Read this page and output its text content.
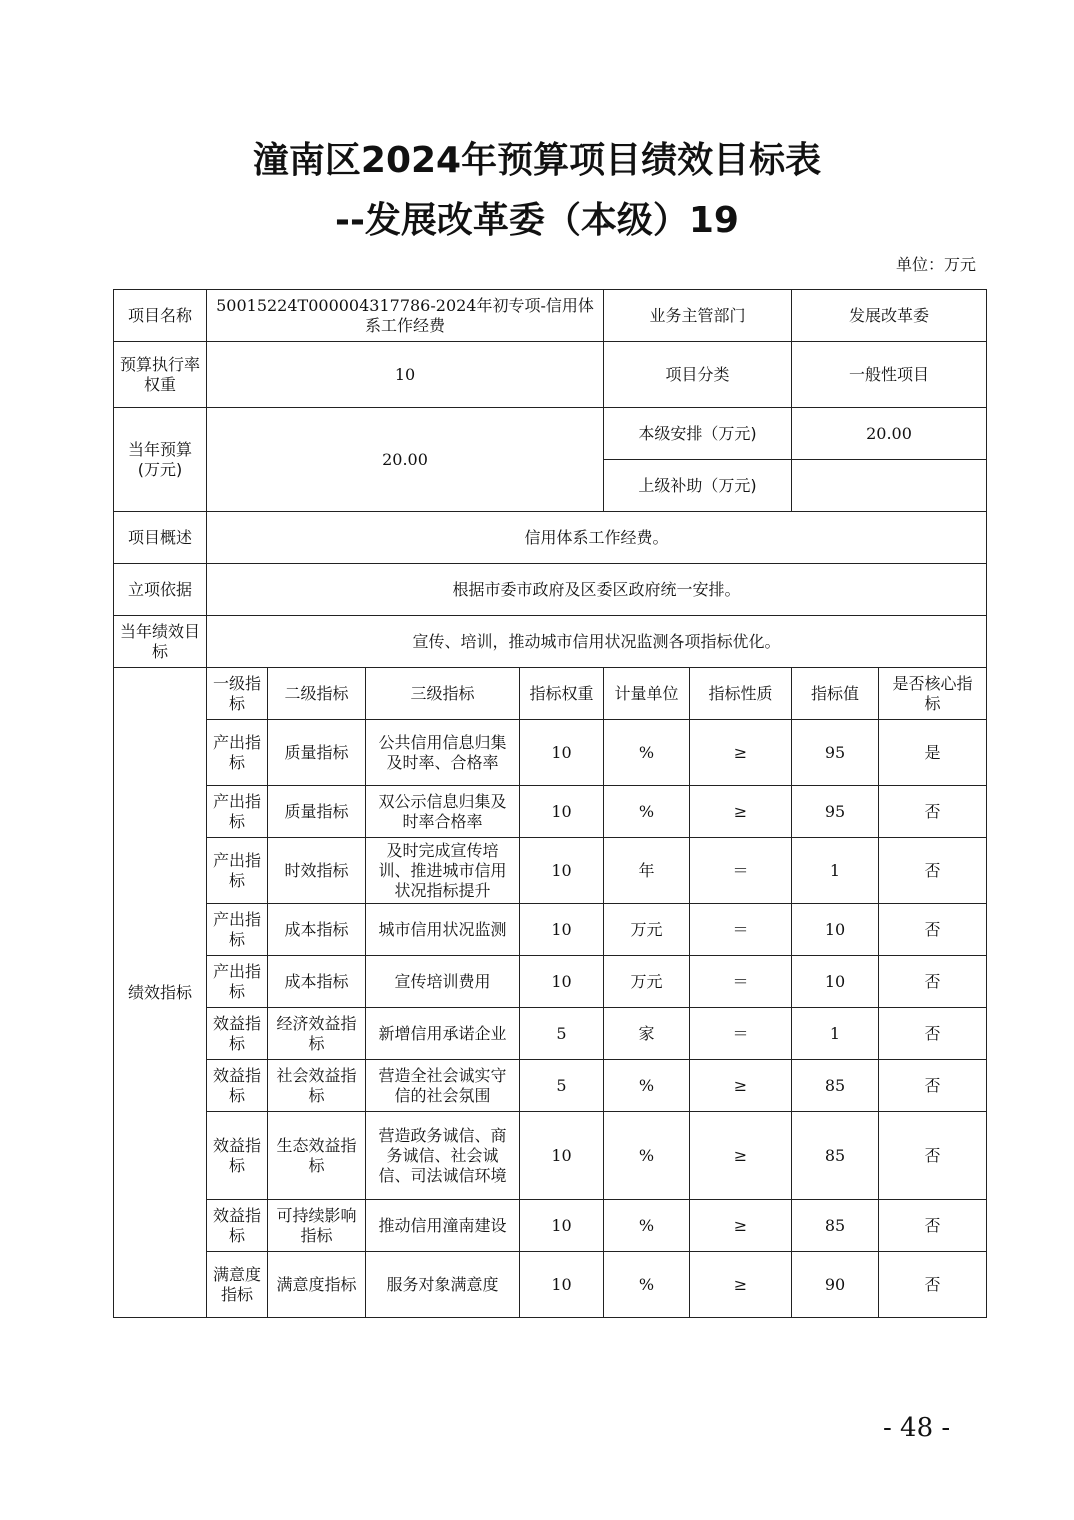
潼南区2024年预算项目绩效目标表
--发展改革委（本级）19
单位：万元
项目名称	50015224T000004317786-2024年初专项-信用体系工作经费				业务主管部门		发展改革委	
预算执行率权重	10				项目分类		一般性项目	
当年预算(万元)	20.00				本级安排（万元)		20.00	
					上级补助（万元)			
项目概述	信用体系工作经费。							
立项依据	根据市委市政府及区委区政府统一安排。							
当年绩效目标	宣传、培训，推动城市信用状况监测各项指标优化。							
绩效指标	一级指标	二级指标	三级指标	指标权重	计量单位	指标性质	指标值	是否核心指标
	产出指标	质量指标	公共信用信息归集及时率、合格率	10	%	≥	95	是
	产出指标	质量指标	双公示信息归集及时率合格率	10	%	≥	95	否
	产出指标	时效指标	及时完成宣传培训、推进城市信用状况指标提升	10	年	＝	1	否
	产出指标	成本指标	城市信用状况监测	10	万元	＝	10	否
	产出指标	成本指标	宣传培训费用	10	万元	＝	10	否
	效益指标	经济效益指标	新增信用承诺企业	5	家	＝	1	否
	效益指标	社会效益指标	营造全社会诚实守信的社会氛围	5	%	≥	85	否
	效益指标	生态效益指标	营造政务诚信、商务诚信、社会诚信、司法诚信环境	10	%	≥	85	否
	效益指标	可持续影响指标	推动信用潼南建设	10	%	≥	85	否
	满意度指标	满意度指标	服务对象满意度	10	%	≥	90	否
- 48 -
